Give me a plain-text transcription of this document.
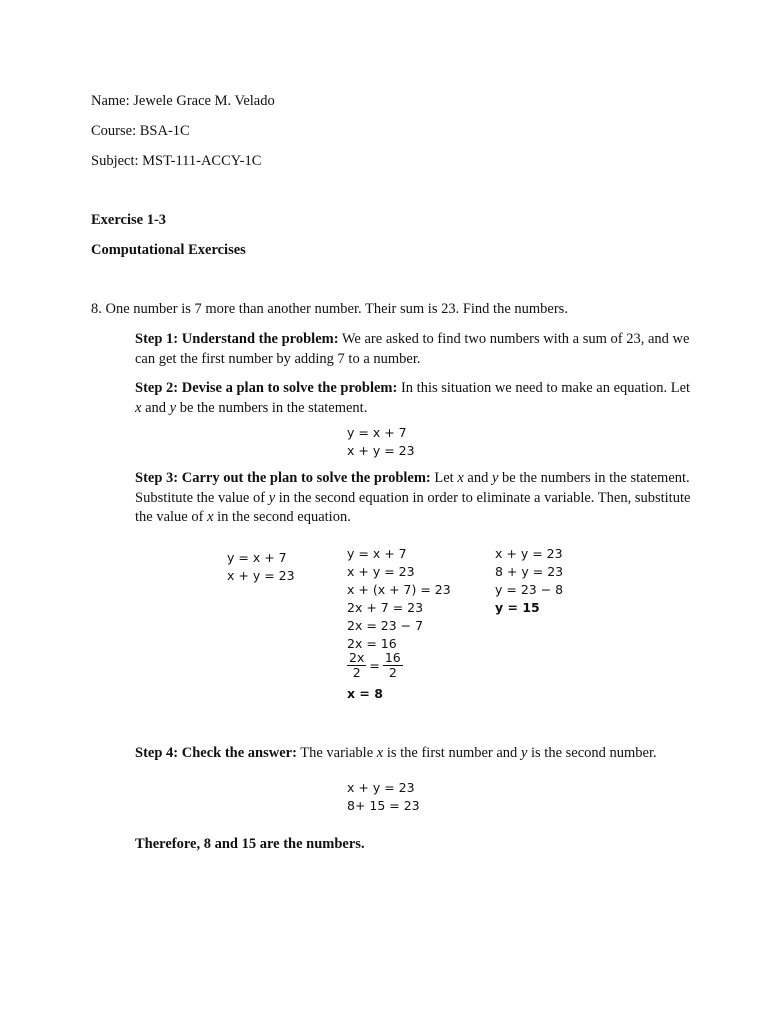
Name: Jewele Grace M. Velado
Course: BSA-1C
Subject: MST-111-ACCY-1C
Exercise 1-3
Computational Exercises
8. One number is 7 more than another number. Their sum is 23. Find the numbers.
Step 1: Understand the problem: We are asked to find two numbers with a sum of 23, and we can get the first number by adding 7 to a number.
Step 2: Devise a plan to solve the problem: In this situation we need to make an equation. Let x and y be the numbers in the statement.
y = x + 7
x + y = 23
Step 3: Carry out the plan to solve the problem: Let x and y be the numbers in the statement. Substitute the value of y in the second equation in order to eliminate a variable. Then, substitute the value of x in the second equation.
y = x + 7
x + y = 23
y = x + 7
x + y = 23
x + (x + 7) = 23
2x + 7 = 23
2x = 23 − 7
2x = 16
$\frac{2x}{2} = \frac{16}{2}$
x = 8
x + y = 23
8 + y = 23
y = 23 − 8
y = 15
Step 4: Check the answer: The variable x is the first number and y is the second number.
x + y = 23
8+ 15 = 23
Therefore, 8 and 15 are the numbers.
